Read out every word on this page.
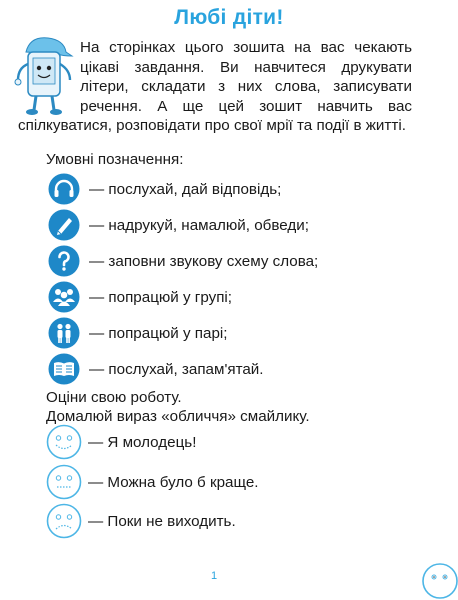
Любі діти!

На сторінках цього зошита на вас чекають цікаві завдання. Ви навчитеся друкувати літери, складати з них слова, записувати речення. А ще цей зошит навчить вас спілкуватися, розповідати про свої мрії та події в житті.

Умовні позначення:
— послухай, дай відповідь;
— надрукуй, намалюй, обведи;
— заповни звукову схему слова;
— попрацюй у групі;
— попрацюй у парі;
— послухай, запам'ятай.
Оціни свою роботу.
Домалюй вираз «обличчя» смайлику.
— Я молодець!
— Можна було б краще.
— Поки не виходить.
1
